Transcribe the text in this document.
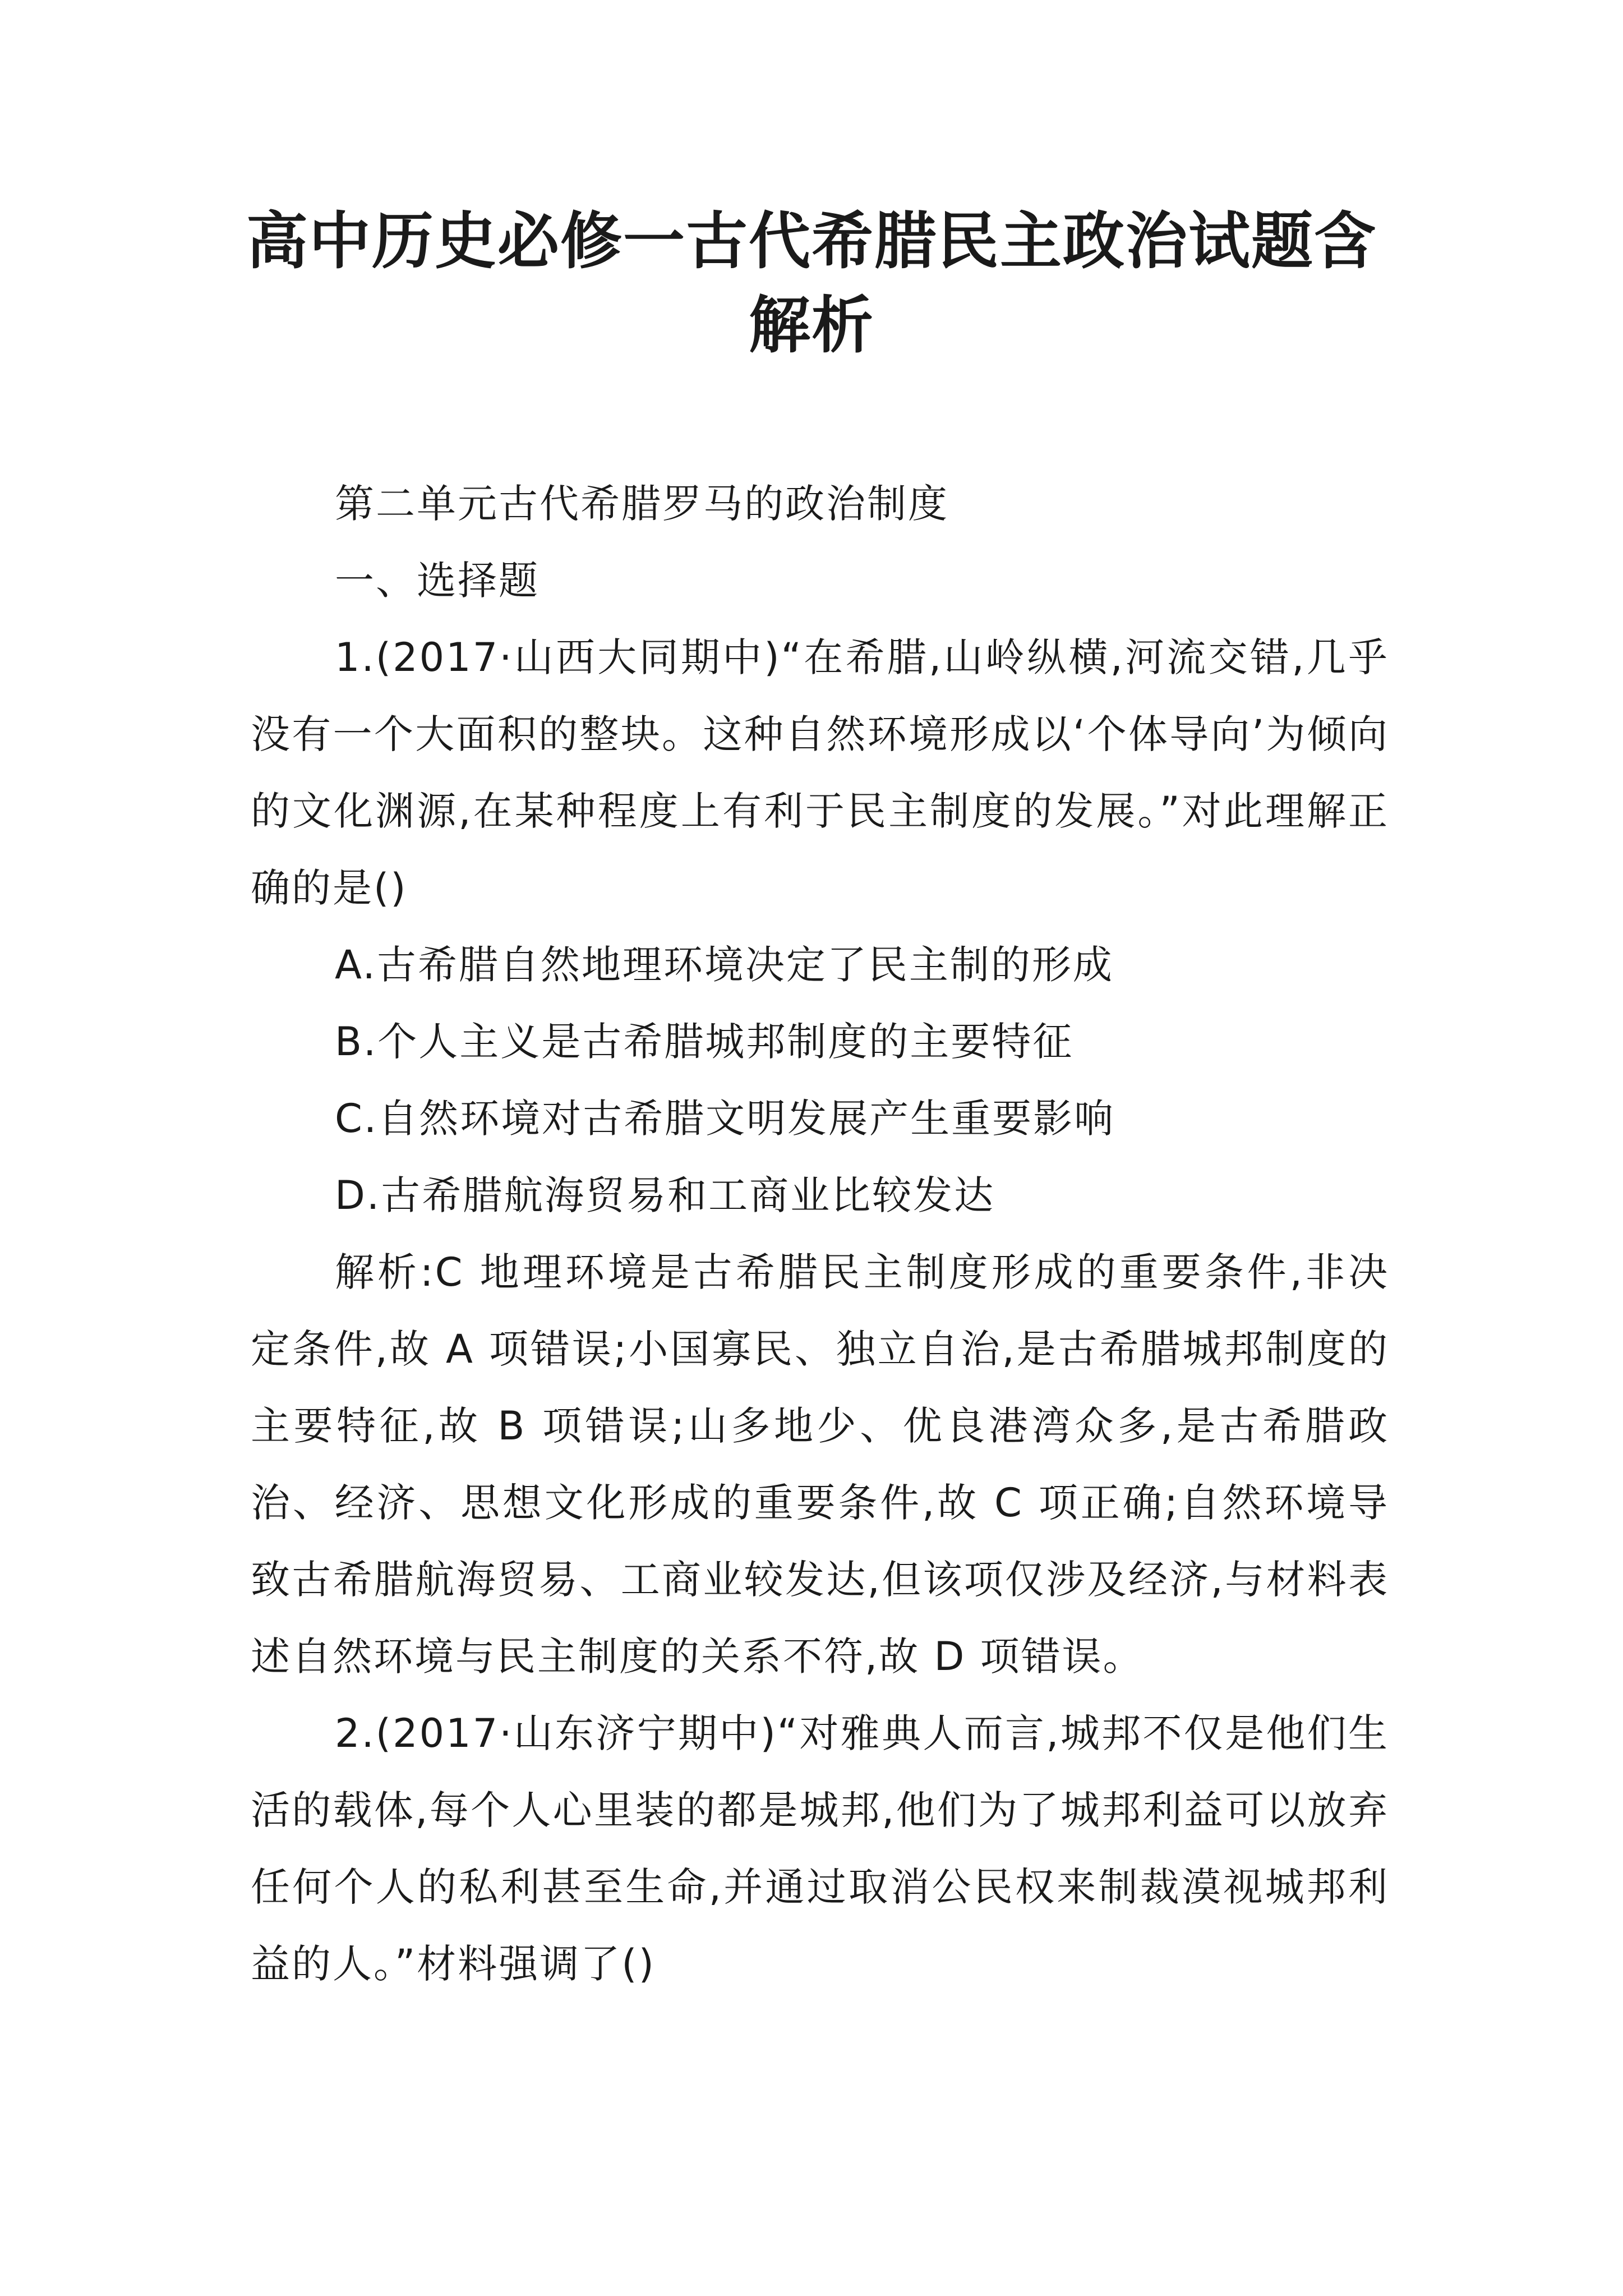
高中历史必修一古代希腊民主政治试题含
解析

第二单元古代希腊罗马的政治制度

一、选择题

1.(2017·山西大同期中)“在希腊,山岭纵横,河流交错,几乎没有一个大面积的整块。这种自然环境形成以‘个体导向’为倾向的文化渊源,在某种程度上有利于民主制度的发展。”对此理解正确的是()

A.古希腊自然地理环境决定了民主制的形成

B.个人主义是古希腊城邦制度的主要特征

C.自然环境对古希腊文明发展产生重要影响

D.古希腊航海贸易和工商业比较发达

解析:C 地理环境是古希腊民主制度形成的重要条件,非决定条件,故 A 项错误;小国寡民、独立自治,是古希腊城邦制度的主要特征,故 B 项错误;山多地少、优良港湾众多,是古希腊政治、经济、思想文化形成的重要条件,故 C 项正确;自然环境导致古希腊航海贸易、工商业较发达,但该项仅涉及经济,与材料表述自然环境与民主制度的关系不符,故 D 项错误。

2.(2017·山东济宁期中)“对雅典人而言,城邦不仅是他们生活的载体,每个人心里装的都是城邦,他们为了城邦利益可以放弃任何个人的私利甚至生命,并通过取消公民权来制裁漠视城邦利益的人。”材料强调了()
